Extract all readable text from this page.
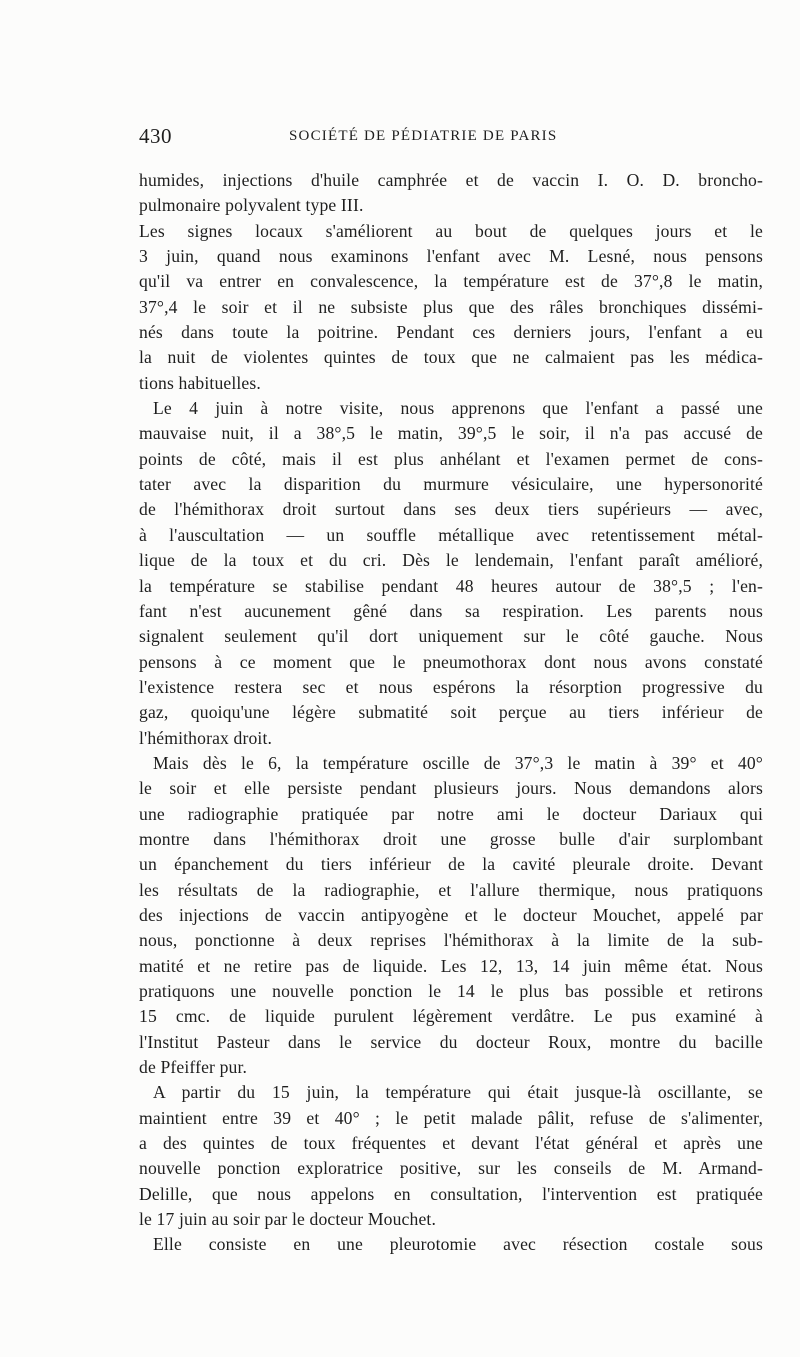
430	SOCIÉTÉ DE PÉDIATRIE DE PARIS
humides, injections d'huile camphrée et de vaccin I. O. D. broncho-
pulmonaire polyvalent type III.
Les signes locaux s'améliorent au bout de quelques jours et le
3 juin, quand nous examinons l'enfant avec M. Lesné, nous pensons
qu'il va entrer en convalescence, la température est de 37°,8 le matin,
37°,4 le soir et il ne subsiste plus que des râles bronchiques dissémi-
nés dans toute la poitrine. Pendant ces derniers jours, l'enfant a eu
la nuit de violentes quintes de toux que ne calmaient pas les médica-
tions habituelles.
Le 4 juin à notre visite, nous apprenons que l'enfant a passé une
mauvaise nuit, il a 38°,5 le matin, 39°,5 le soir, il n'a pas accusé de
points de côté, mais il est plus anhélant et l'examen permet de cons-
tater avec la disparition du murmure vésiculaire, une hypersonorité
de l'hémithorax droit surtout dans ses deux tiers supérieurs — avec,
à l'auscultation — un souffle métallique avec retentissement métal-
lique de la toux et du cri. Dès le lendemain, l'enfant paraît amélioré,
la température se stabilise pendant 48 heures autour de 38°,5 ; l'en-
fant n'est aucunement gêné dans sa respiration. Les parents nous
signalent seulement qu'il dort uniquement sur le côté gauche. Nous
pensons à ce moment que le pneumothorax dont nous avons constaté
l'existence restera sec et nous espérons la résorption progressive du
gaz, quoiqu'une légère submatité soit perçue au tiers inférieur de
l'hémithorax droit.
Mais dès le 6, la température oscille de 37°,3 le matin à 39° et 40°
le soir et elle persiste pendant plusieurs jours. Nous demandons alors
une radiographie pratiquée par notre ami le docteur Dariaux qui
montre dans l'hémithorax droit une grosse bulle d'air surplombant
un épanchement du tiers inférieur de la cavité pleurale droite. Devant
les résultats de la radiographie, et l'allure thermique, nous pratiquons
des injections de vaccin antipyogène et le docteur Mouchet, appelé par
nous, ponctionne à deux reprises l'hémithorax à la limite de la sub-
matité et ne retire pas de liquide. Les 12, 13, 14 juin même état. Nous
pratiquons une nouvelle ponction le 14 le plus bas possible et retirons
15 cmc. de liquide purulent légèrement verdâtre. Le pus examiné à
l'Institut Pasteur dans le service du docteur Roux, montre du bacille
de Pfeiffer pur.
A partir du 15 juin, la température qui était jusque-là oscillante, se
maintient entre 39 et 40° ; le petit malade pâlit, refuse de s'alimenter,
a des quintes de toux fréquentes et devant l'état général et après une
nouvelle ponction exploratrice positive, sur les conseils de M. Armand-
Delille, que nous appelons en consultation, l'intervention est pratiquée
le 17 juin au soir par le docteur Mouchet.
Elle consiste en une pleurotomie avec résection costale sous
